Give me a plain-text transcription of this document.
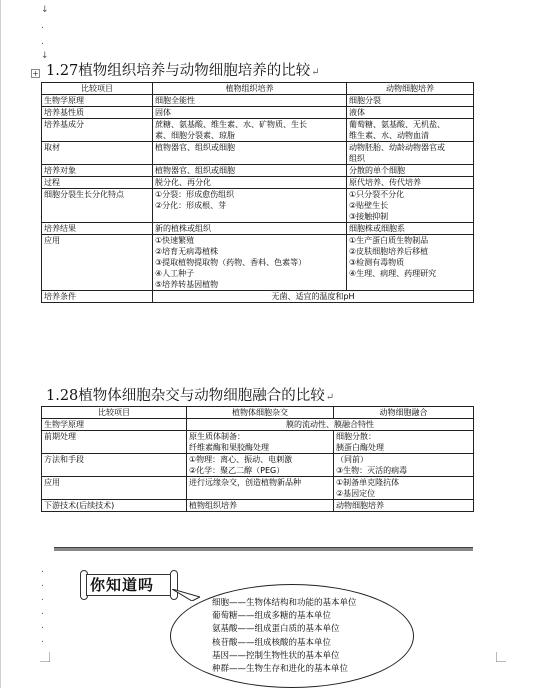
↓
.
.
↓
.
.
.
.
.
.
+ 1.27植物组织培养与动物细胞培养的比较↵
比较项目	植物组织培养	动物细胞培养

生物学原理	细胞全能性	细胞分裂

培养基性质	固体	液体

培养基成分	蔗糖、氨基酸、维生素、水、矿物质、生长
素、细胞分裂素、琼脂	葡萄糖、氨基酸、无机盐、
维生素、水、动物血清

取材	植物器官、组织或细胞	动物胚胎、幼龄动物器官或
组织

培养对象	植物器官、组织或细胞	分散的单个细胞

过程	脱分化、再分化	原代培养、传代培养

细胞分裂生长分化特点	①分裂：形成愈伤组织
②分化：形成根、芽	①只分裂不分化
②贴壁生长
③接触抑制

培养结果	新的植株或组织	细胞株或细胞系

应用	①快速繁殖
②培育无病毒植株
③提取植物提取物（药物、香料、色素等）
④人工种子
⑤培养转基因植物	①生产蛋白质生物制品
②皮肤细胞培养后移植
③检测有毒物质
④生理、病理、药理研究

培养条件	无菌、适宜的温度和pH	
1.28植物体细胞杂交与动物细胞融合的比较↵
比较项目	植物体细胞杂交	动物细胞融合

生物学原理	膜的流动性、膜融合特性	

前期处理	原生质体制备：
纤维素酶和果胶酶处理	细胞分散：
胰蛋白酶处理

方法和手段	①物理：离心、振动、电刺激
②化学：聚乙二醇（PEG）	（同前）
③生物：灭活的病毒

应用	进行远缘杂交，创造植物新品种	①制备单克隆抗体
②基因定位

下游技术(后续技术)	植物组织培养	动物细胞培养
你知道吗
细胞——生物体结构和功能的基本单位
葡萄糖——组成多糖的基本单位
氨基酸——组成蛋白质的基本单位
核苷酸——组成核酸的基本单位
基因——控制生物性状的基本单位
种群——生物生存和进化的基本单位
